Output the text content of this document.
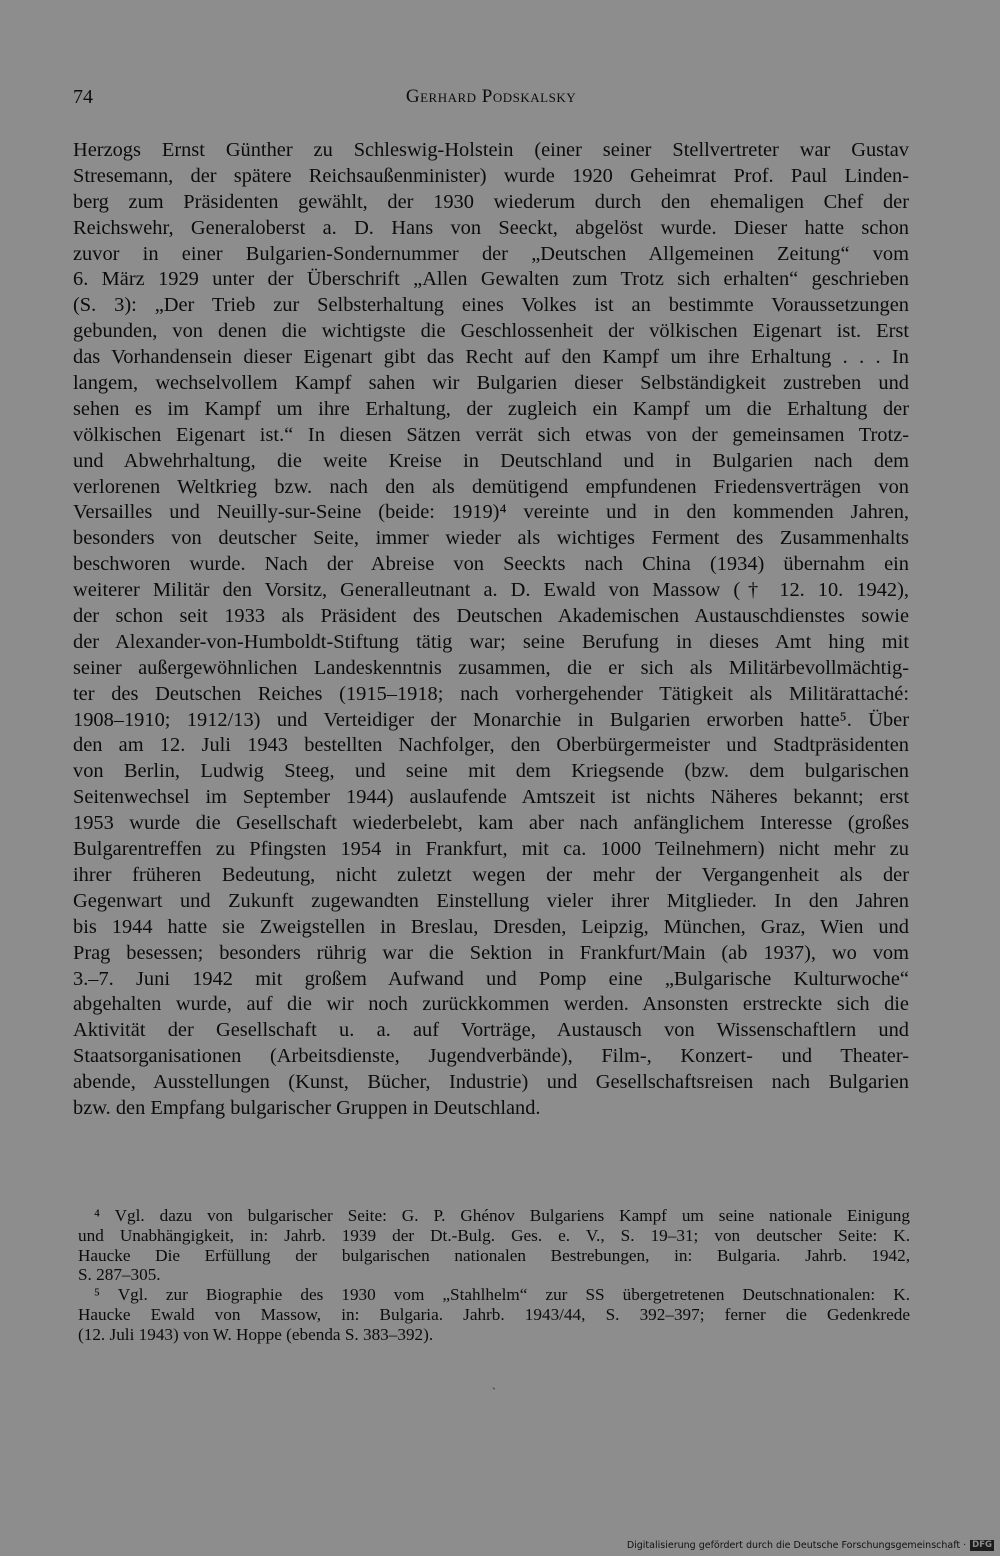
74	Gerhard Podskalsky
Herzogs Ernst Günther zu Schleswig-Holstein (einer seiner Stellvertreter war Gustav
Stresemann, der spätere Reichsaußenminister) wurde 1920 Geheimrat Prof. Paul Linden-
berg zum Präsidenten gewählt, der 1930 wiederum durch den ehemaligen Chef der
Reichswehr, Generaloberst a. D. Hans von Seeckt, abgelöst wurde. Dieser hatte schon
zuvor in einer Bulgarien-Sondernummer der „Deutschen Allgemeinen Zeitung“ vom
6. März 1929 unter der Überschrift „Allen Gewalten zum Trotz sich erhalten“ geschrieben
(S. 3): „Der Trieb zur Selbsterhaltung eines Volkes ist an bestimmte Voraussetzungen
gebunden, von denen die wichtigste die Geschlossenheit der völkischen Eigenart ist. Erst
das Vorhandensein dieser Eigenart gibt das Recht auf den Kampf um ihre Erhaltung . . . In
langem, wechselvollem Kampf sahen wir Bulgarien dieser Selbständigkeit zustreben und
sehen es im Kampf um ihre Erhaltung, der zugleich ein Kampf um die Erhaltung der
völkischen Eigenart ist.“ In diesen Sätzen verrät sich etwas von der gemeinsamen Trotz-
und Abwehrhaltung, die weite Kreise in Deutschland und in Bulgarien nach dem
verlorenen Weltkrieg bzw. nach den als demütigend empfundenen Friedensverträgen von
Versailles und Neuilly-sur-Seine (beide: 1919)⁴ vereinte und in den kommenden Jahren,
besonders von deutscher Seite, immer wieder als wichtiges Ferment des Zusammenhalts
beschworen wurde. Nach der Abreise von Seeckts nach China (1934) übernahm ein
weiterer Militär den Vorsitz, Generalleutnant a. D. Ewald von Massow († 12. 10. 1942),
der schon seit 1933 als Präsident des Deutschen Akademischen Austauschdienstes sowie
der Alexander-von-Humboldt-Stiftung tätig war; seine Berufung in dieses Amt hing mit
seiner außergewöhnlichen Landeskenntnis zusammen, die er sich als Militärbevollmächtig-
ter des Deutschen Reiches (1915–1918; nach vorhergehender Tätigkeit als Militärattaché:
1908–1910; 1912/13) und Verteidiger der Monarchie in Bulgarien erworben hatte⁵. Über
den am 12. Juli 1943 bestellten Nachfolger, den Oberbürgermeister und Stadtpräsidenten
von Berlin, Ludwig Steeg, und seine mit dem Kriegsende (bzw. dem bulgarischen
Seitenwechsel im September 1944) auslaufende Amtszeit ist nichts Näheres bekannt; erst
1953 wurde die Gesellschaft wiederbelebt, kam aber nach anfänglichem Interesse (großes
Bulgarentreffen zu Pfingsten 1954 in Frankfurt, mit ca. 1000 Teilnehmern) nicht mehr zu
ihrer früheren Bedeutung, nicht zuletzt wegen der mehr der Vergangenheit als der
Gegenwart und Zukunft zugewandten Einstellung vieler ihrer Mitglieder. In den Jahren
bis 1944 hatte sie Zweigstellen in Breslau, Dresden, Leipzig, München, Graz, Wien und
Prag besessen; besonders rührig war die Sektion in Frankfurt/Main (ab 1937), wo vom
3.–7. Juni 1942 mit großem Aufwand und Pomp eine „Bulgarische Kulturwoche“
abgehalten wurde, auf die wir noch zurückkommen werden. Ansonsten erstreckte sich die
Aktivität der Gesellschaft u. a. auf Vorträge, Austausch von Wissenschaftlern und
Staatsorganisationen (Arbeitsdienste, Jugendverbände), Film-, Konzert- und Theater-
abende, Ausstellungen (Kunst, Bücher, Industrie) und Gesellschaftsreisen nach Bulgarien
bzw. den Empfang bulgarischer Gruppen in Deutschland.
⁴ Vgl. dazu von bulgarischer Seite: G. P. Ghénov Bulgariens Kampf um seine nationale Einigung
und Unabhängigkeit, in: Jahrb. 1939 der Dt.-Bulg. Ges. e. V., S. 19–31; von deutscher Seite: K.
Haucke Die Erfüllung der bulgarischen nationalen Bestrebungen, in: Bulgaria. Jahrb. 1942,
S. 287–305.
⁵ Vgl. zur Biographie des 1930 vom „Stahlhelm“ zur SS übergetretenen Deutschnationalen: K.
Haucke Ewald von Massow, in: Bulgaria. Jahrb. 1943/44, S. 392–397; ferner die Gedenkrede
(12. Juli 1943) von W. Hoppe (ebenda S. 383–392).
ˋ
Digitalisierung gefördert durch die Deutsche Forschungsgemeinschaft · DFG
